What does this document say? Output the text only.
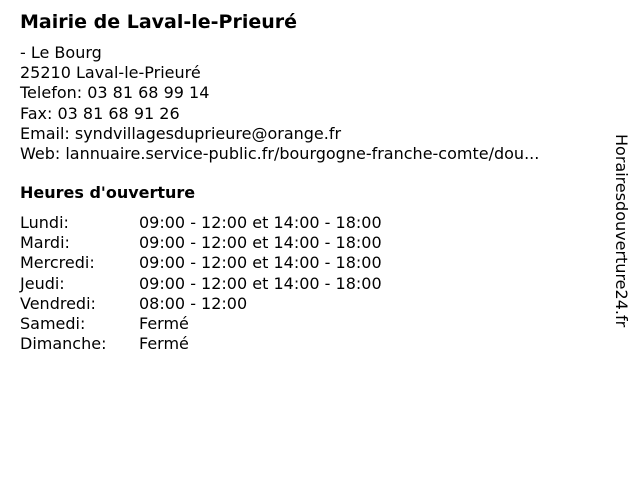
Mairie de Laval-le-Prieuré
- Le Bourg
25210 Laval-le-Prieuré
Telefon: 03 81 68 99 14
Fax: 03 81 68 91 26
Email: syndvillagesduprieure@orange.fr
Web: lannuaire.service-public.fr/bourgogne-franche-comte/dou...
Heures d'ouverture
Lundi:	09:00 - 12:00 et 14:00 - 18:00
Mardi:	09:00 - 12:00 et 14:00 - 18:00
Mercredi:	09:00 - 12:00 et 14:00 - 18:00
Jeudi:	09:00 - 12:00 et 14:00 - 18:00
Vendredi:	08:00 - 12:00
Samedi:	Fermé
Dimanche: Fermé
Horairesdouverture24.fr
